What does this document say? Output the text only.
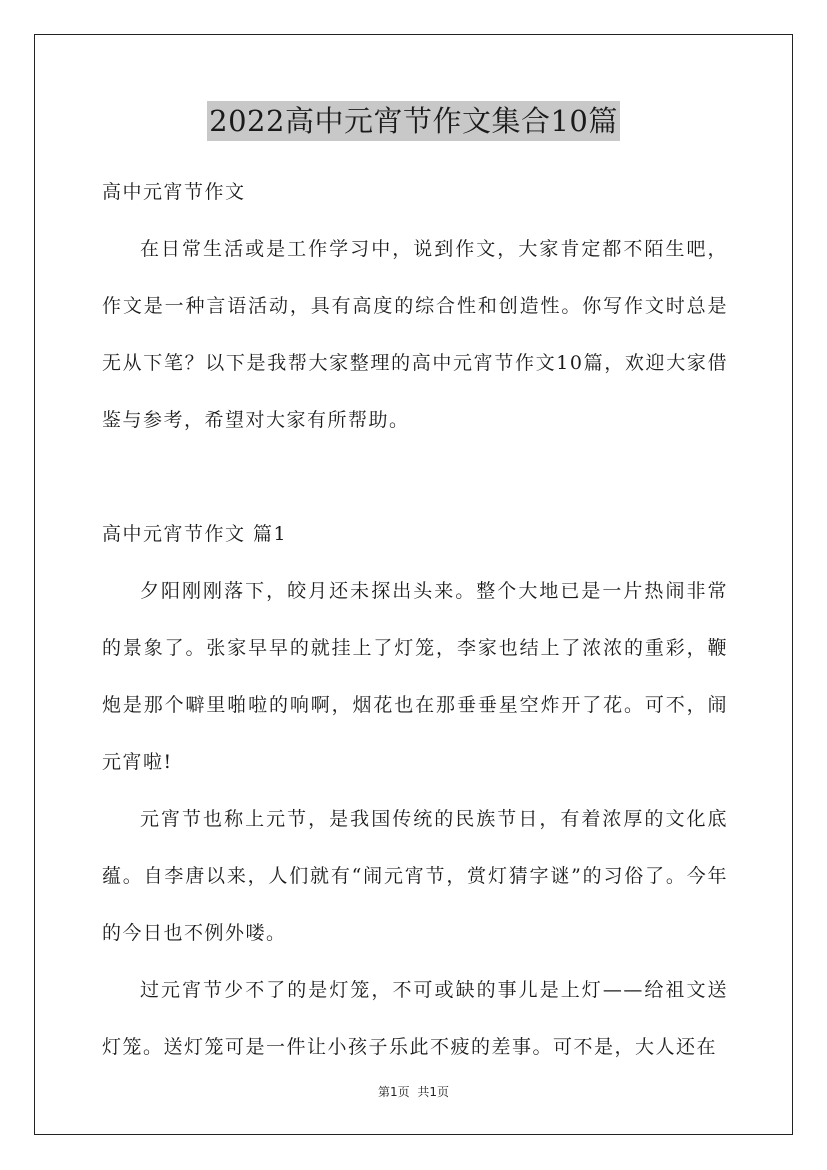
2022高中元宵节作文集合10篇

高中元宵节作文

在日常生活或是工作学习中，说到作文，大家肯定都不陌生吧，作文是一种言语活动，具有高度的综合性和创造性。你写作文时总是无从下笔？以下是我帮大家整理的高中元宵节作文10篇，欢迎大家借鉴与参考，希望对大家有所帮助。

高中元宵节作文 篇1

夕阳刚刚落下，皎月还未探出头来。整个大地已是一片热闹非常的景象了。张家早早的就挂上了灯笼，李家也结上了浓浓的重彩，鞭炮是那个噼里啪啦的响啊，烟花也在那垂垂星空炸开了花。可不，闹元宵啦!

元宵节也称上元节，是我国传统的民族节日，有着浓厚的文化底蕴。自李唐以来，人们就有“闹元宵节，赏灯猜字谜”的习俗了。今年的今日也不例外喽。

过元宵节少不了的是灯笼，不可或缺的事儿是上灯——给祖文送灯笼。送灯笼可是一件让小孩子乐此不疲的差事。可不是，大人还在

第1页 共1页
